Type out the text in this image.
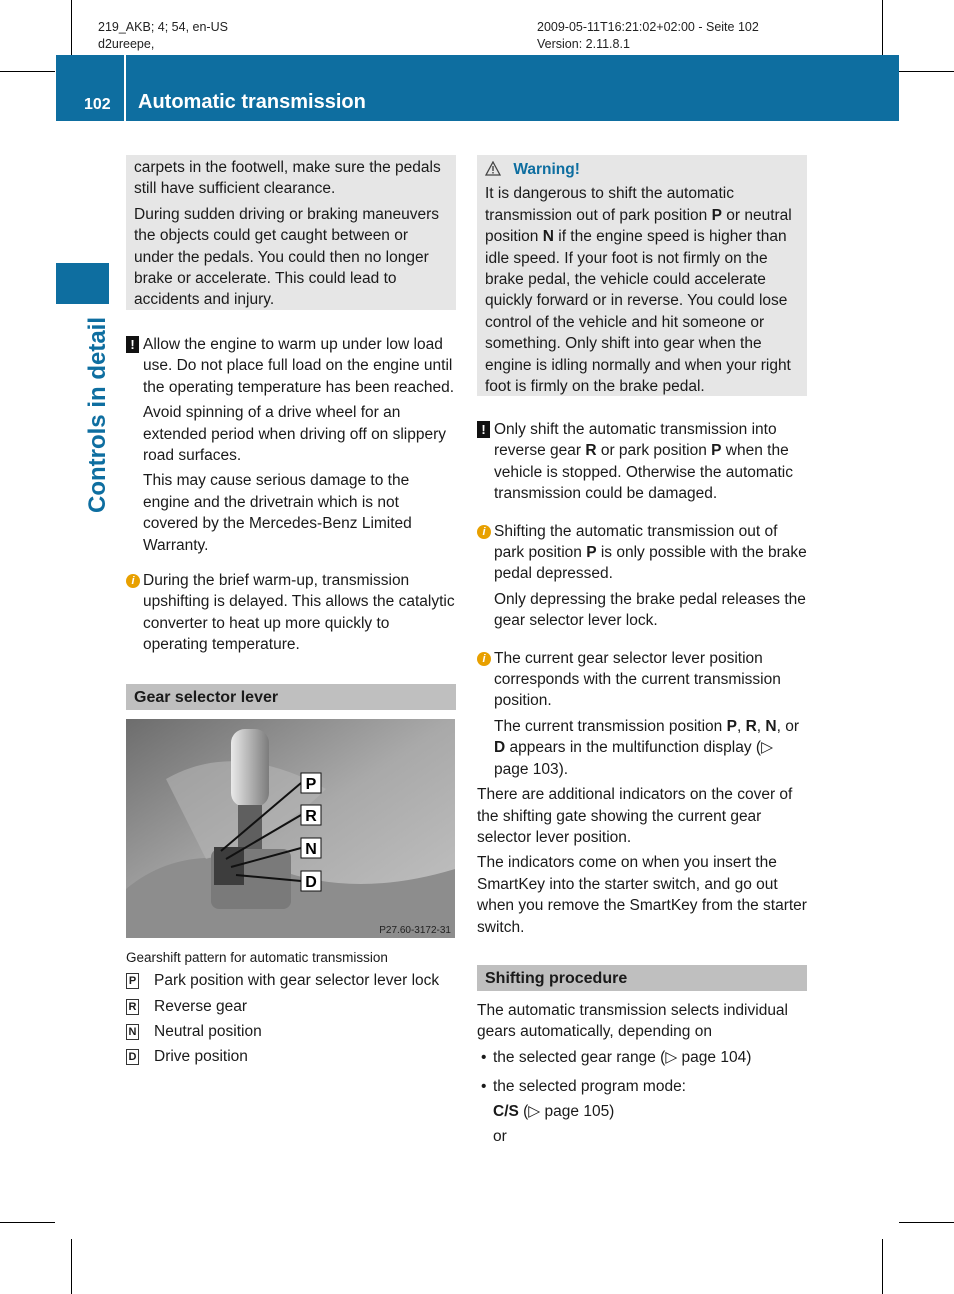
219_AKB; 4; 54, en-US
d2ureepe,
2009-05-11T16:21:02+02:00 - Seite 102
Version: 2.11.8.1
102 Automatic transmission
Controls in detail

carpets in the footwell, make sure the pedals still have sufficient clearance.

During sudden driving or braking maneuvers the objects could get caught between or under the pedals. You could then no longer brake or accelerate. This could lead to accidents and injury.

! Allow the engine to warm up under low load use. Do not place full load on the engine until the operating temperature has been reached.

Avoid spinning of a drive wheel for an extended period when driving off on slippery road surfaces.

This may cause serious damage to the engine and the drivetrain which is not covered by the Mercedes-Benz Limited Warranty.

i During the brief warm-up, transmission upshifting is delayed. This allows the catalytic converter to heat up more quickly to operating temperature.

Gear selector lever
P
R
N
D
P27.60-3172-31
Gearshift pattern for automatic transmission
P Park position with gear selector lever lock
R Reverse gear
N Neutral position
D Drive position
Warning!

It is dangerous to shift the automatic transmission out of park position P or neutral position N if the engine speed is higher than idle speed. If your foot is not firmly on the brake pedal, the vehicle could accelerate quickly forward or in reverse. You could lose control of the vehicle and hit someone or something. Only shift into gear when the engine is idling normally and when your right foot is firmly on the brake pedal.

! Only shift the automatic transmission into reverse gear R or park position P when the vehicle is stopped. Otherwise the automatic transmission could be damaged.

i Shifting the automatic transmission out of park position P is only possible with the brake pedal depressed.

Only depressing the brake pedal releases the gear selector lever lock.

i The current gear selector lever position corresponds with the current transmission position.

The current transmission position P, R, N, or D appears in the multifunction display (▷ page 103).

There are additional indicators on the cover of the shifting gate showing the current gear selector lever position.

The indicators come on when you insert the SmartKey into the starter switch, and go out when you remove the SmartKey from the starter switch.

Shifting procedure

The automatic transmission selects individual gears automatically, depending on

• the selected gear range (▷ page 104)
• the selected program mode:
C/S (▷ page 105)
or
